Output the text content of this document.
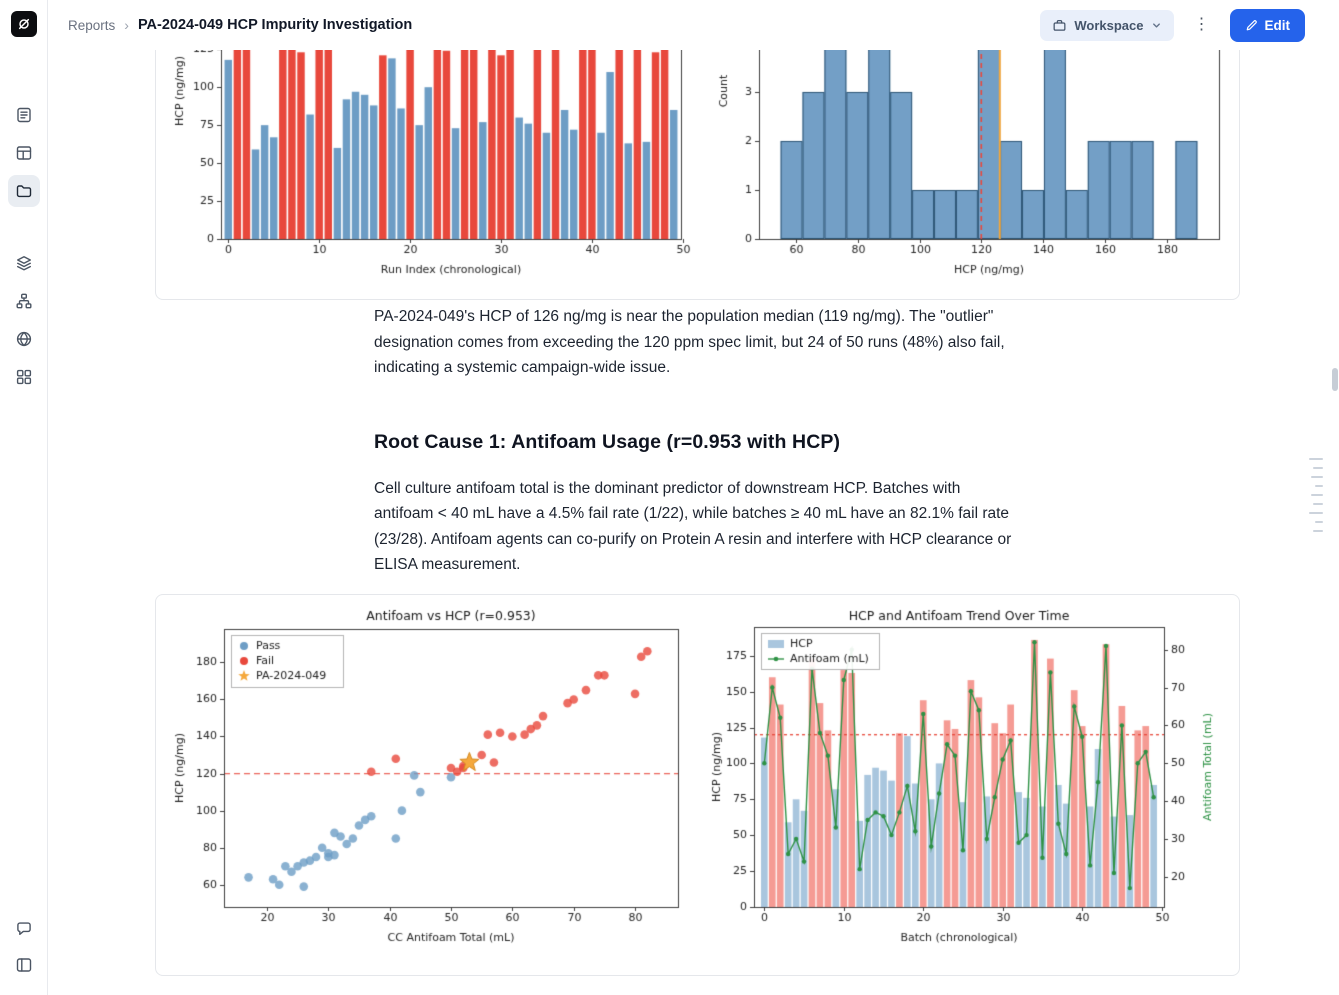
Reports › PA-2024-049 HCP Impurity Investigation	Workspace	⋮	Edit

PA-2024-049's HCP of 126 ng/mg is near the population median (119 ng/mg). The "outlier" designation comes from exceeding the 120 ppm spec limit, but 24 of 50 runs (48%) also fail, indicating a systemic campaign-wide issue.

Root Cause 1: Antifoam Usage (r=0.953 with HCP)

Cell culture antifoam total is the dominant predictor of downstream HCP. Batches with antifoam < 40 mL have a 4.5% fail rate (1/22), while batches ≥ 40 mL have an 82.1% fail rate (23/28). Antifoam agents can co-purify on Protein A resin and interfere with HCP clearance or ELISA measurement.
